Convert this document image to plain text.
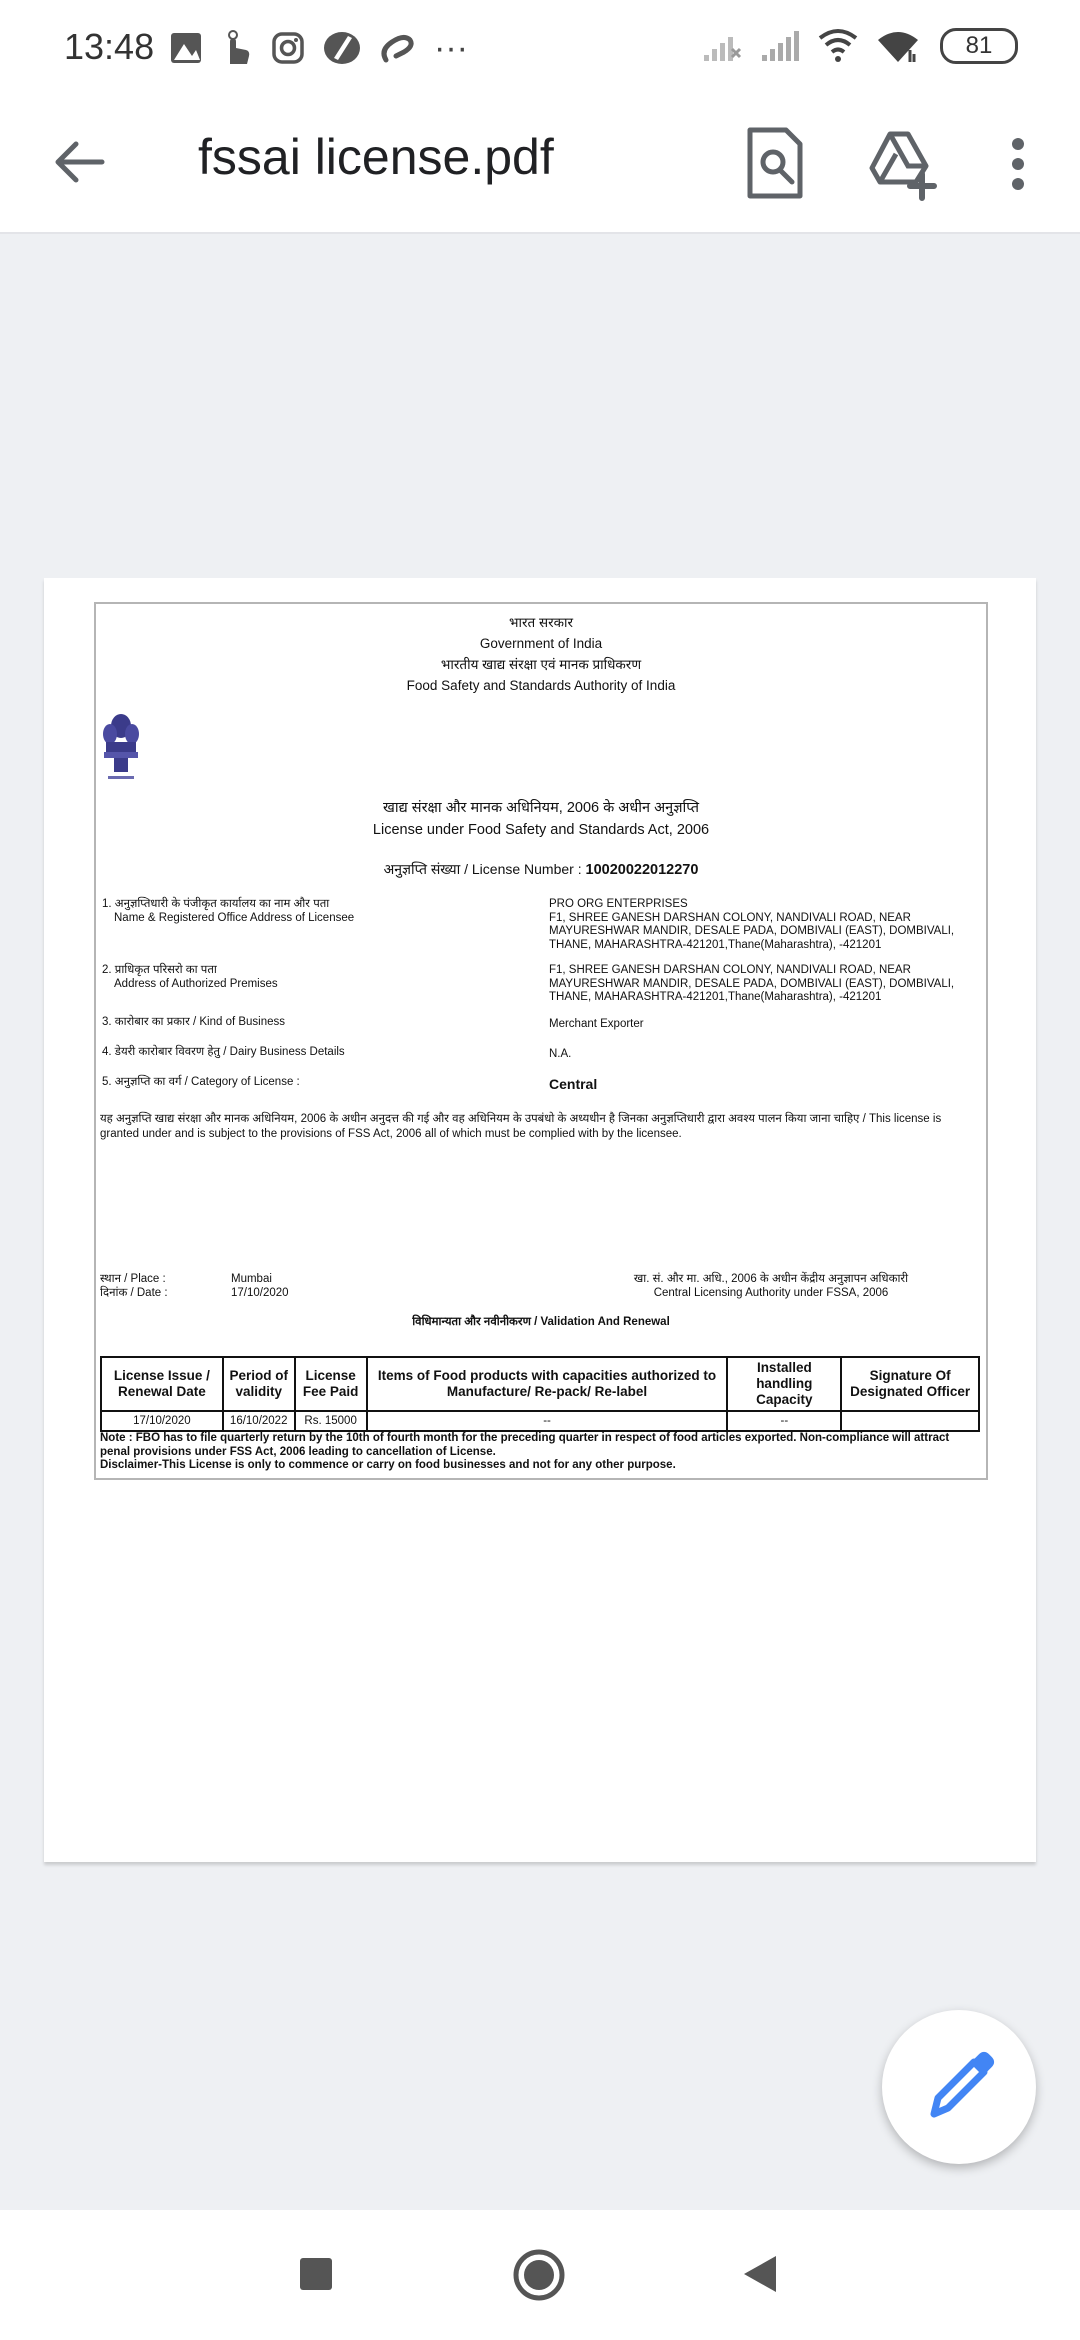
13:48	···	81
fssai license.pdf
भारत सरकार
Government of India
भारतीय खाद्य संरक्षा एवं मानक प्राधिकरण
Food Safety and Standards Authority of India
खाद्य संरक्षा और मानक अधिनियम, 2006 के अधीन अनुज्ञप्ति
License under Food Safety and Standards Act, 2006
अनुज्ञप्ति संख्या / License Number : 10020022012270
1. अनुज्ञप्तिधारी के पंजीकृत कार्यालय का नाम और पता
Name & Registered Office Address of Licensee
PRO ORG ENTERPRISES
F1, SHREE GANESH DARSHAN COLONY, NANDIVALI ROAD, NEAR MAYURESHWAR MANDIR, DESALE PADA, DOMBIVALI (EAST), DOMBIVALI, THANE, MAHARASHTRA-421201,Thane(Maharashtra), -421201
2. प्राधिकृत परिसरो का पता
Address of Authorized Premises
F1, SHREE GANESH DARSHAN COLONY, NANDIVALI ROAD, NEAR MAYURESHWAR MANDIR, DESALE PADA, DOMBIVALI (EAST), DOMBIVALI, THANE, MAHARASHTRA-421201,Thane(Maharashtra), -421201
3. कारोबार का प्रकार / Kind of Business	Merchant Exporter
4. डेयरी कारोबार विवरण हेतु / Dairy Business Details	N.A.
5. अनुज्ञप्ति का वर्ग / Category of License :	Central
यह अनुज्ञप्ति खाद्य संरक्षा और मानक अधिनियम, 2006 के अधीन अनुदत्त की गई और वह अधिनियम के उपबंधो के अध्यधीन है जिनका अनुज्ञप्तिधारी द्वारा अवश्य पालन किया जाना चाहिए / This license is granted under and is subject to the provisions of FSS Act, 2006 all of which must be complied with by the licensee.
स्थान / Place :	Mumbai
दिनांक / Date :	17/10/2020
खा. सं. और मा. अधि., 2006 के अधीन केंद्रीय अनुज्ञापन अधिकारी
Central Licensing Authority under FSSA, 2006
विधिमान्यता और नवीनीकरण / Validation And Renewal
License Issue / Renewal Date	Period of validity	License Fee Paid	Items of Food products with capacities authorized to Manufacture/ Re-pack/ Re-label	Installed handling Capacity	Signature Of Designated Officer
17/10/2020	16/10/2022	Rs. 15000	--	--	
Note : FBO has to file quarterly return by the 10th of fourth month for the preceding quarter in respect of food articles exported. Non-compliance will attract penal provisions under FSS Act, 2006 leading to cancellation of License.
Disclaimer-This License is only to commence or carry on food businesses and not for any other purpose.
